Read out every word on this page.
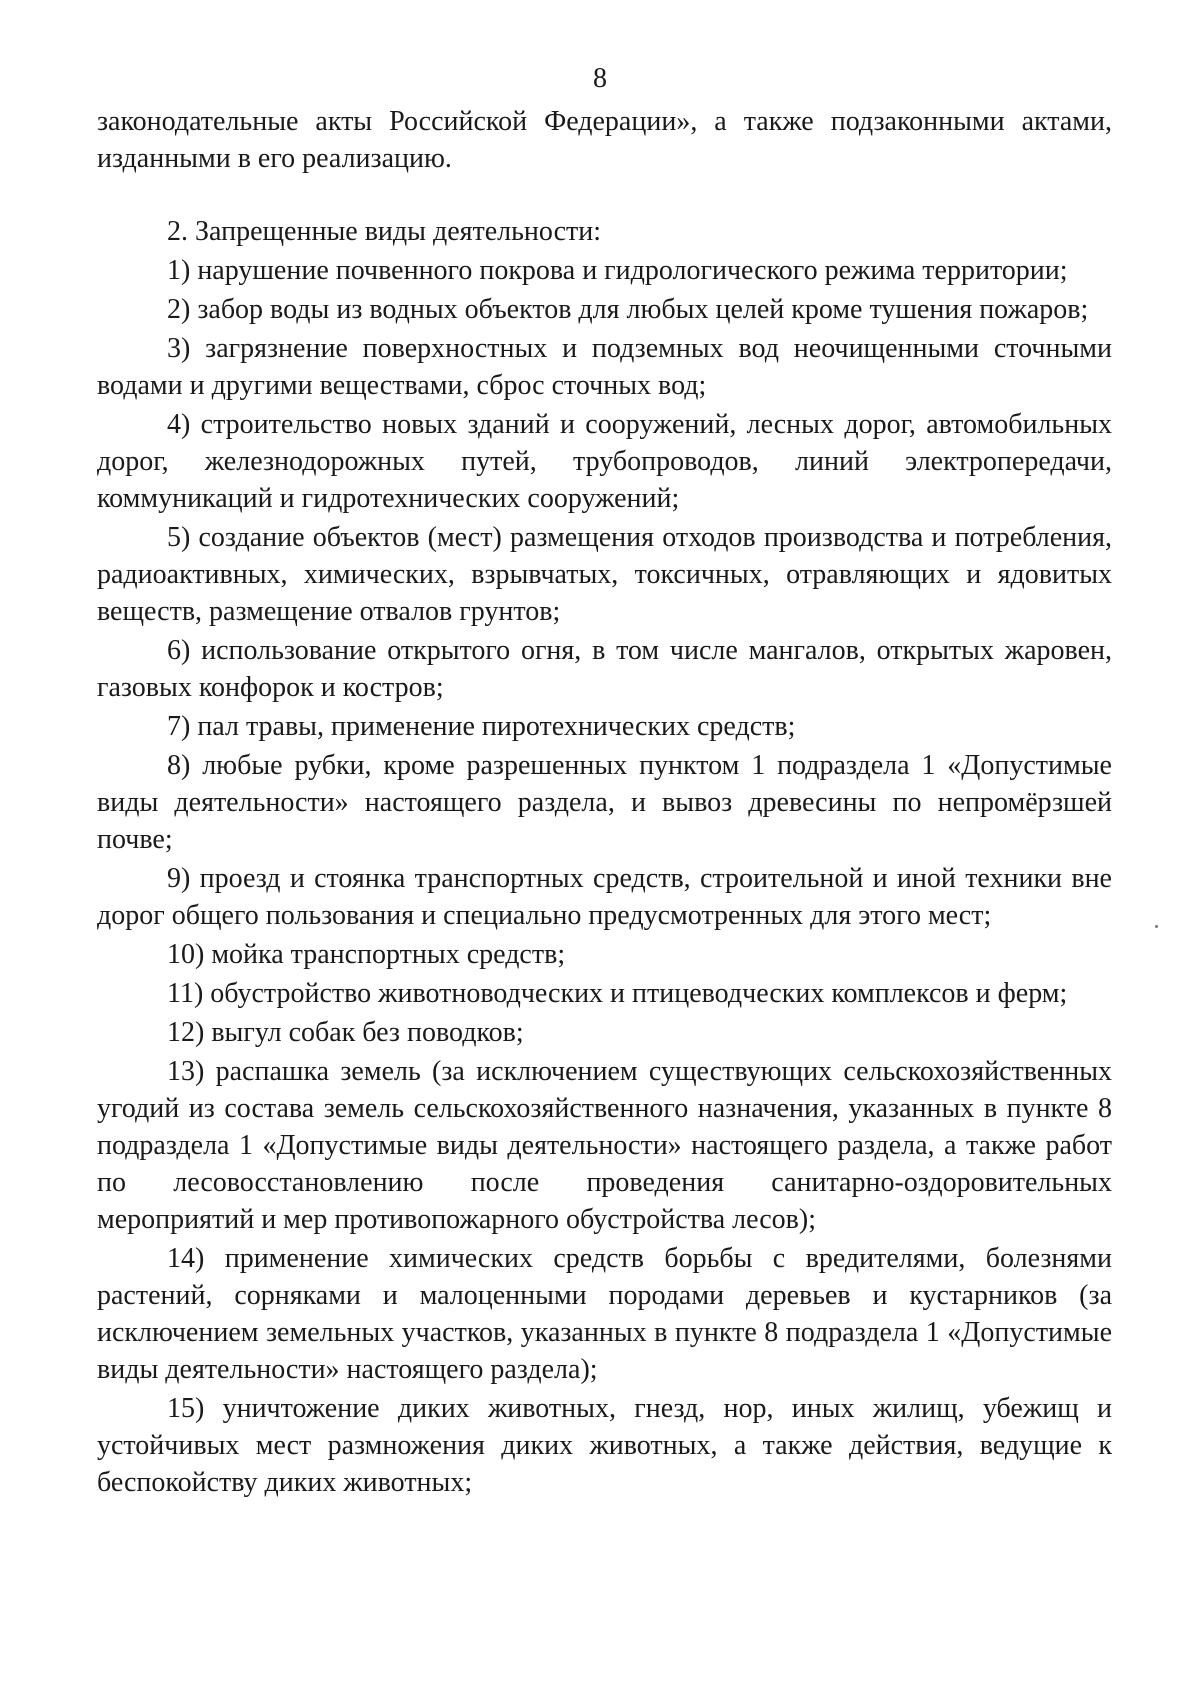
8

законодательные акты Российской Федерации», а также подзаконными актами, изданными в его реализацию.

2. Запрещенные виды деятельности:

1) нарушение почвенного покрова и гидрологического режима территории;

2) забор воды из водных объектов для любых целей кроме тушения пожаров;

3) загрязнение поверхностных и подземных вод неочищенными сточными водами и другими веществами, сброс сточных вод;

4) строительство новых зданий и сооружений, лесных дорог, автомобильных дорог, железнодорожных путей, трубопроводов, линий электропередачи, коммуникаций и гидротехнических сооружений;

5) создание объектов (мест) размещения отходов производства и потребления, радиоактивных, химических, взрывчатых, токсичных, отравляющих и ядовитых веществ, размещение отвалов грунтов;

6) использование открытого огня, в том числе мангалов, открытых жаровен, газовых конфорок и костров;

7) пал травы, применение пиротехнических средств;

8) любые рубки, кроме разрешенных пунктом 1 подраздела 1 «Допустимые виды деятельности» настоящего раздела, и вывоз древесины по непромёрзшей почве;

9) проезд и стоянка транспортных средств, строительной и иной техники вне дорог общего пользования и специально предусмотренных для этого мест;

10) мойка транспортных средств;

11) обустройство животноводческих и птицеводческих комплексов и ферм;

12) выгул собак без поводков;

13) распашка земель (за исключением существующих сельскохозяйственных угодий из состава земель сельскохозяйственного назначения, указанных в пункте 8 подраздела 1 «Допустимые виды деятельности» настоящего раздела, а также работ по лесовосстановлению после проведения санитарно-оздоровительных мероприятий и мер противопожарного обустройства лесов);

14) применение химических средств борьбы с вредителями, болезнями растений, сорняками и малоценными породами деревьев и кустарников (за исключением земельных участков, указанных в пункте 8 подраздела 1 «Допустимые виды деятельности» настоящего раздела);

15) уничтожение диких животных, гнезд, нор, иных жилищ, убежищ и устойчивых мест размножения диких животных, а также действия, ведущие к беспокойству диких животных;
